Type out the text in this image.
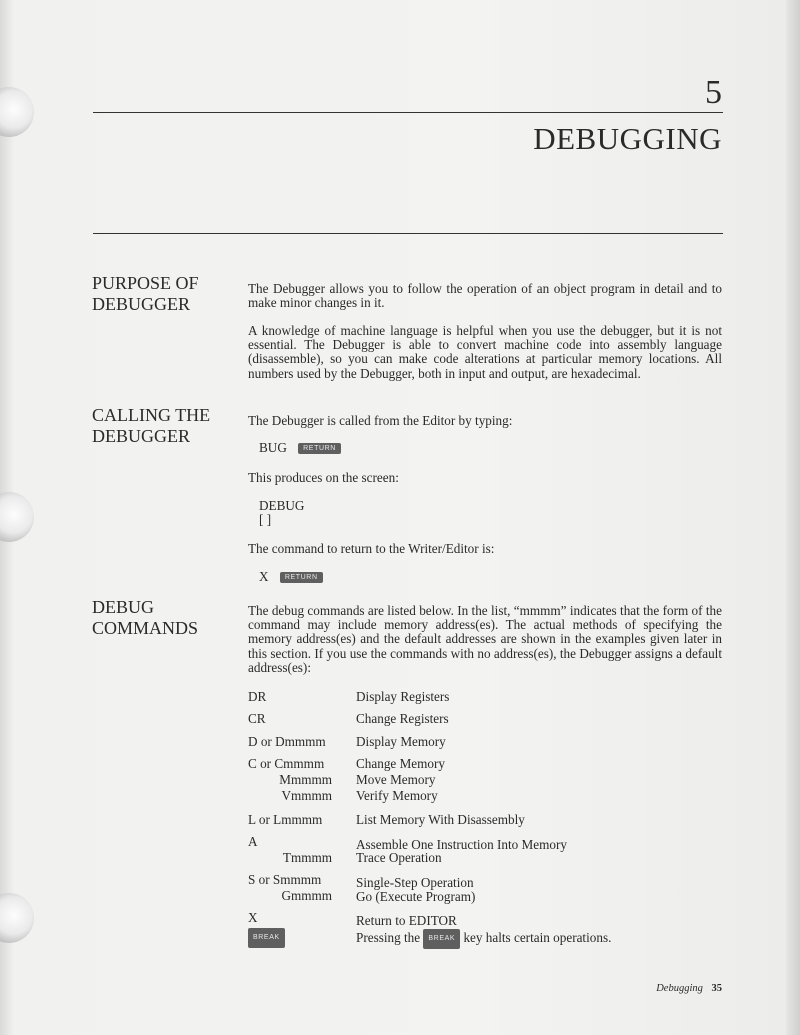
5
DEBUGGING
PURPOSE OF
DEBUGGER
The Debugger allows you to follow the operation of an object program in detail and to make minor changes in it.
A knowledge of machine language is helpful when you use the debugger, but it is not essential. The Debugger is able to convert machine code into assembly language (disassemble), so you can make code alterations at particular memory locations. All numbers used by the Debugger, both in input and output, are hexadecimal.
CALLING THE
DEBUGGER
The Debugger is called from the Editor by typing:
BUG RETURN
This produces on the screen:
DEBUG
[ ]
The command to return to the Writer/Editor is:
X RETURN
DEBUG
COMMANDS
The debug commands are listed below. In the list, “mmmm” indicates that the form of the command may include memory address(es). The actual methods of specifying the memory address(es) and the default addresses are shown in the examples given later in this section. If you use the commands with no address(es), the Debugger assigns a default address(es):
DR	Display Registers
CR	Change Registers
D or Dmmmm Display Memory
C or Cmmmm Change Memory
Mmmmm Move Memory
Vmmmm Verify Memory
L or Lmmmm	List Memory With Disassembly
A	Assemble One Instruction Into Memory
Tmmmm Trace Operation
S or Smmmm	Single-Step Operation
Gmmmm Go (Execute Program)
X	Return to EDITOR
BREAK	Pressing the BREAK key halts certain operations.
Debugging 35
